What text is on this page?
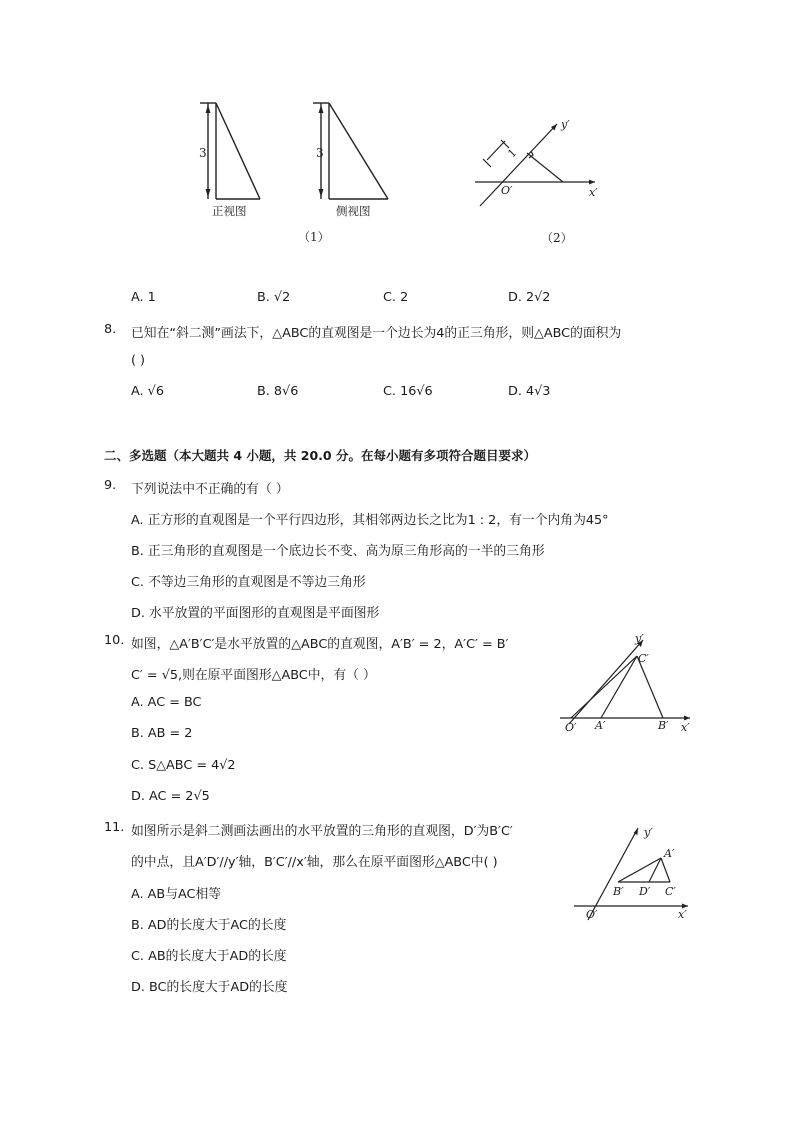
3
正视图
3
侧视图
（1）
1
y′
x′
O′
（2）
A. 1	B. √2	C. 2	D. 2√2
8. 已知在“斜二测”画法下，△ABC的直观图是一个边长为4的正三角形，则△ABC的面积为
( )
A. √6	B. 8√6	C. 16√6	D. 4√3
二、多选题（本大题共 4 小题，共 20.0 分。在每小题有多项符合题目要求）
9. 下列说法中不正确的有（ ）
A. 正方形的直观图是一个平行四边形，其相邻两边长之比为1 : 2，有一个内角为45°
B. 正三角形的直观图是一个底边长不变、高为原三角形高的一半的三角形
C. 不等边三角形的直观图是不等边三角形
D. 水平放置的平面图形的直观图是平面图形
10. 如图，△A′B′C′是水平放置的△ABC的直观图，A′B′ = 2，A′C′ = B′
C′ = √5,则在原平面图形△ABC中，有（ ）
A. AC = BC
B. AB = 2
C. S△ABC = 4√2
D. AC = 2√5
y′
C′
O′ A′	B′ x′
11. 如图所示是斜二测画法画出的水平放置的三角形的直观图，D′为B′C′
的中点，且A′D′//y′轴，B′C′//x′轴，那么在原平面图形△ABC中( )
A. AB与AC相等
B. AD的长度大于AC的长度
C. AB的长度大于AD的长度
D. BC的长度大于AD的长度
y′
A′
B′ D′ C′
O′	x′
